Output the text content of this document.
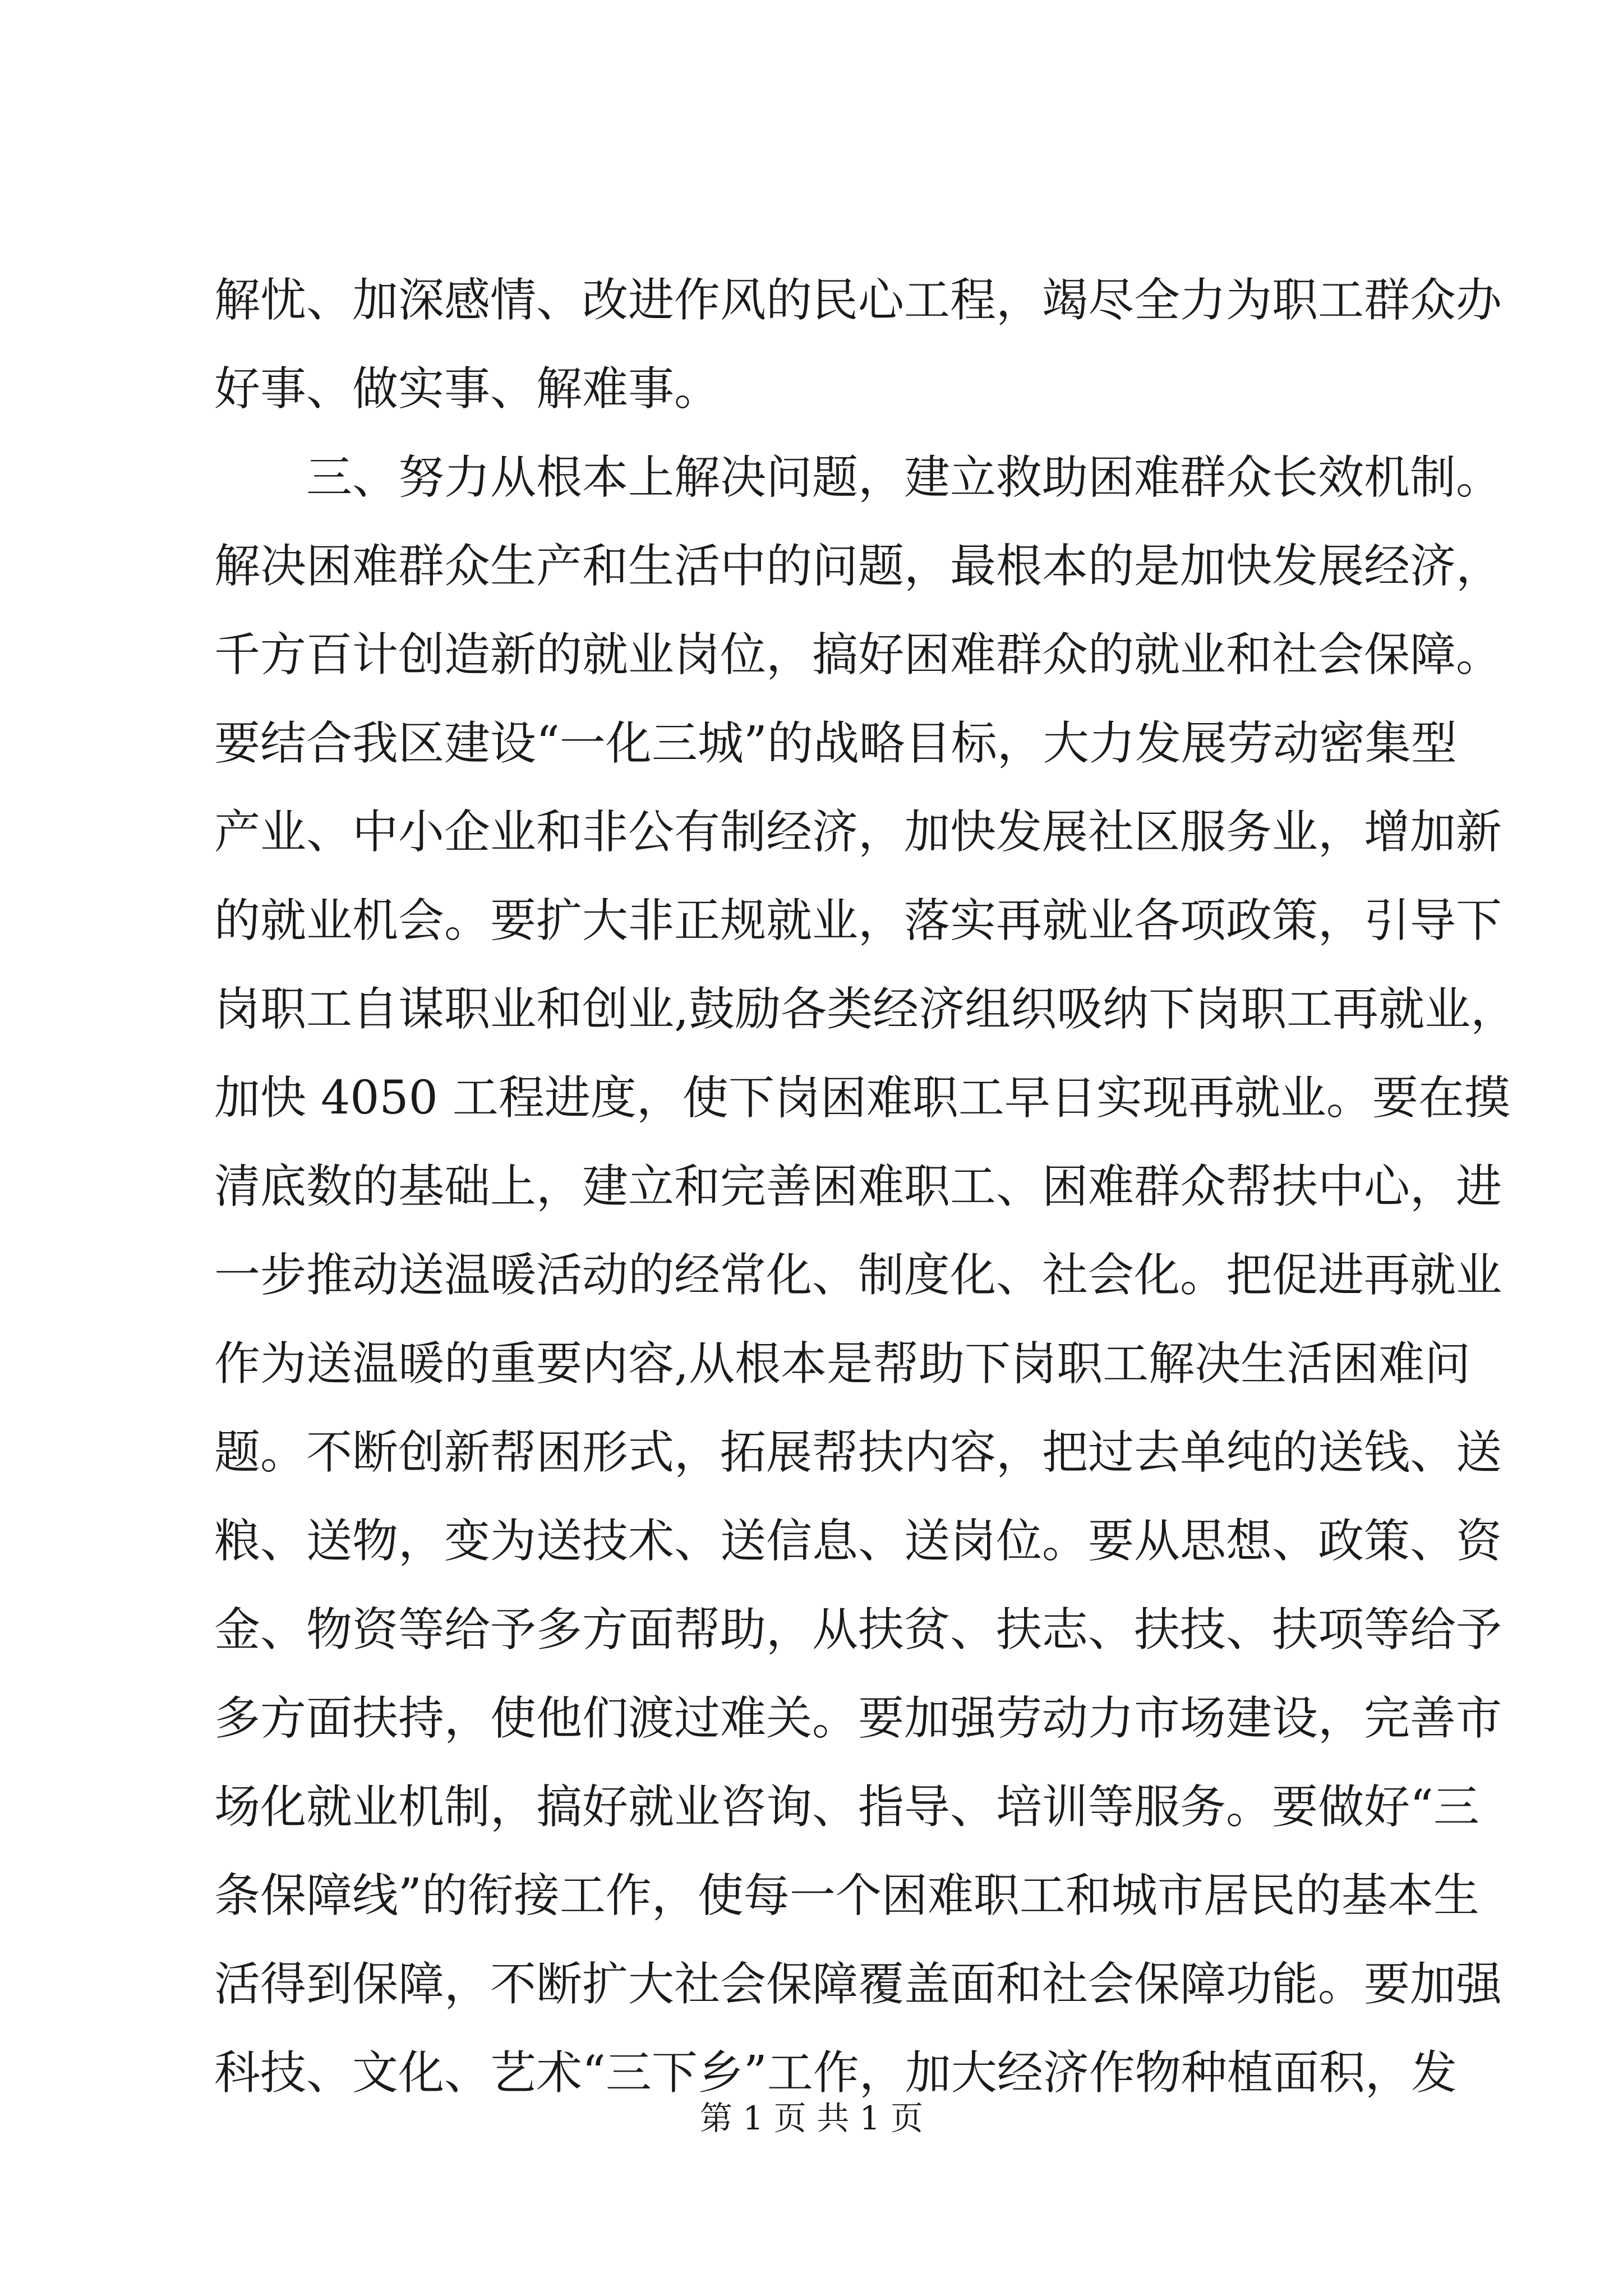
解忧、加深感情、改进作风的民心工程，竭尽全力为职工群众办
好事、做实事、解难事。
　　三、努力从根本上解决问题，建立救助困难群众长效机制。
解决困难群众生产和生活中的问题，最根本的是加快发展经济，
千方百计创造新的就业岗位，搞好困难群众的就业和社会保障。
要结合我区建设“一化三城”的战略目标，大力发展劳动密集型
产业、中小企业和非公有制经济，加快发展社区服务业，增加新
的就业机会。要扩大非正规就业，落实再就业各项政策，引导下
岗职工自谋职业和创业,鼓励各类经济组织吸纳下岗职工再就业，
加快 4050 工程进度，使下岗困难职工早日实现再就业。要在摸
清底数的基础上，建立和完善困难职工、困难群众帮扶中心，进
一步推动送温暖活动的经常化、制度化、社会化。把促进再就业
作为送温暖的重要内容,从根本是帮助下岗职工解决生活困难问
题。不断创新帮困形式，拓展帮扶内容，把过去单纯的送钱、送
粮、送物，变为送技术、送信息、送岗位。要从思想、政策、资
金、物资等给予多方面帮助，从扶贫、扶志、扶技、扶项等给予
多方面扶持，使他们渡过难关。要加强劳动力市场建设，完善市
场化就业机制，搞好就业咨询、指导、培训等服务。要做好“三
条保障线”的衔接工作，使每一个困难职工和城市居民的基本生
活得到保障，不断扩大社会保障覆盖面和社会保障功能。要加强
科技、文化、艺术“三下乡”工作，加大经济作物种植面积，发
第 1 页 共 1 页
